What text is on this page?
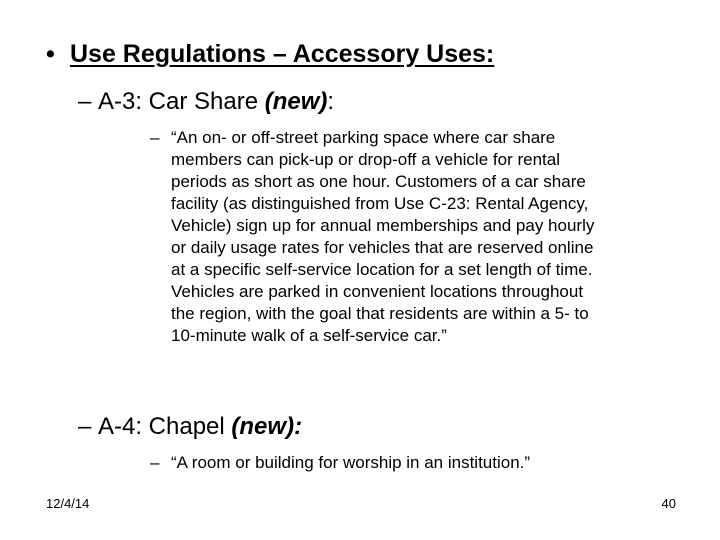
• Use Regulations – Accessory Uses:
– A-3: Car Share (new):
– “An on- or off-street parking space where car share
members can pick-up or drop-off a vehicle for rental
periods as short as one hour. Customers of a car share
facility (as distinguished from Use C-23: Rental Agency,
Vehicle) sign up for annual memberships and pay hourly
or daily usage rates for vehicles that are reserved online
at a specific self-service location for a set length of time.
Vehicles are parked in convenient locations throughout
the region, with the goal that residents are within a 5- to
10-minute walk of a self-service car.”
– A-4: Chapel (new):
– “A room or building for worship in an institution.”
12/4/14	40
